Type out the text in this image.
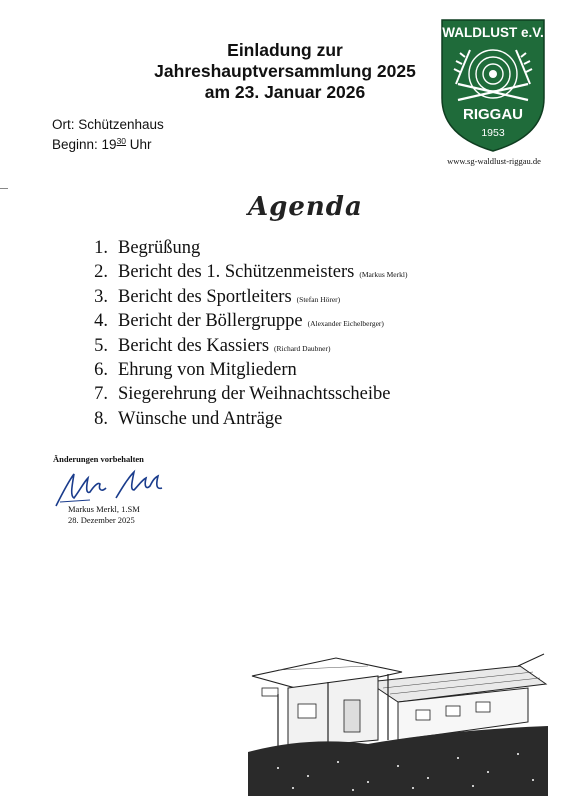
Einladung zur
Jahreshauptversammlung 2025
am 23. Januar 2026
Ort: Schützenhaus
Beginn: $19^{30}$ Uhr
WALDLUST e.V.
RIGGAU
1953
www.sg-waldlust-riggau.de
Agenda
1. Begrüßung
2. Bericht des 1. Schützenmeisters (Markus Merkl)
3. Bericht des Sportleiters (Stefan Hörer)
4. Bericht der Böllergruppe (Alexander Eichelberger)
5. Bericht des Kassiers (Richard Daubner)
6. Ehrung von Mitgliedern
7. Siegerehrung der Weihnachtsscheibe
8. Wünsche und Anträge
Änderungen vorbehalten
Markus Merkl, 1.SM
28. Dezember 2025
